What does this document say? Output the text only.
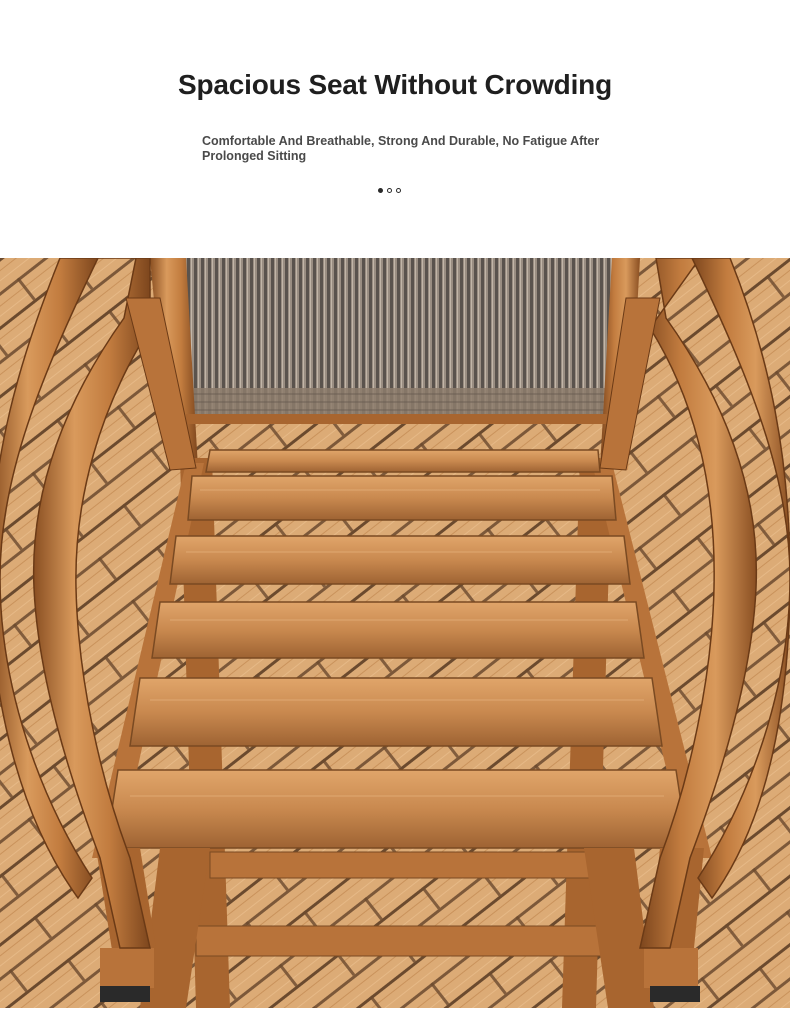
Spacious Seat Without Crowding

Comfortable And Breathable, Strong And Durable, No Fatigue After Prolonged Sitting
